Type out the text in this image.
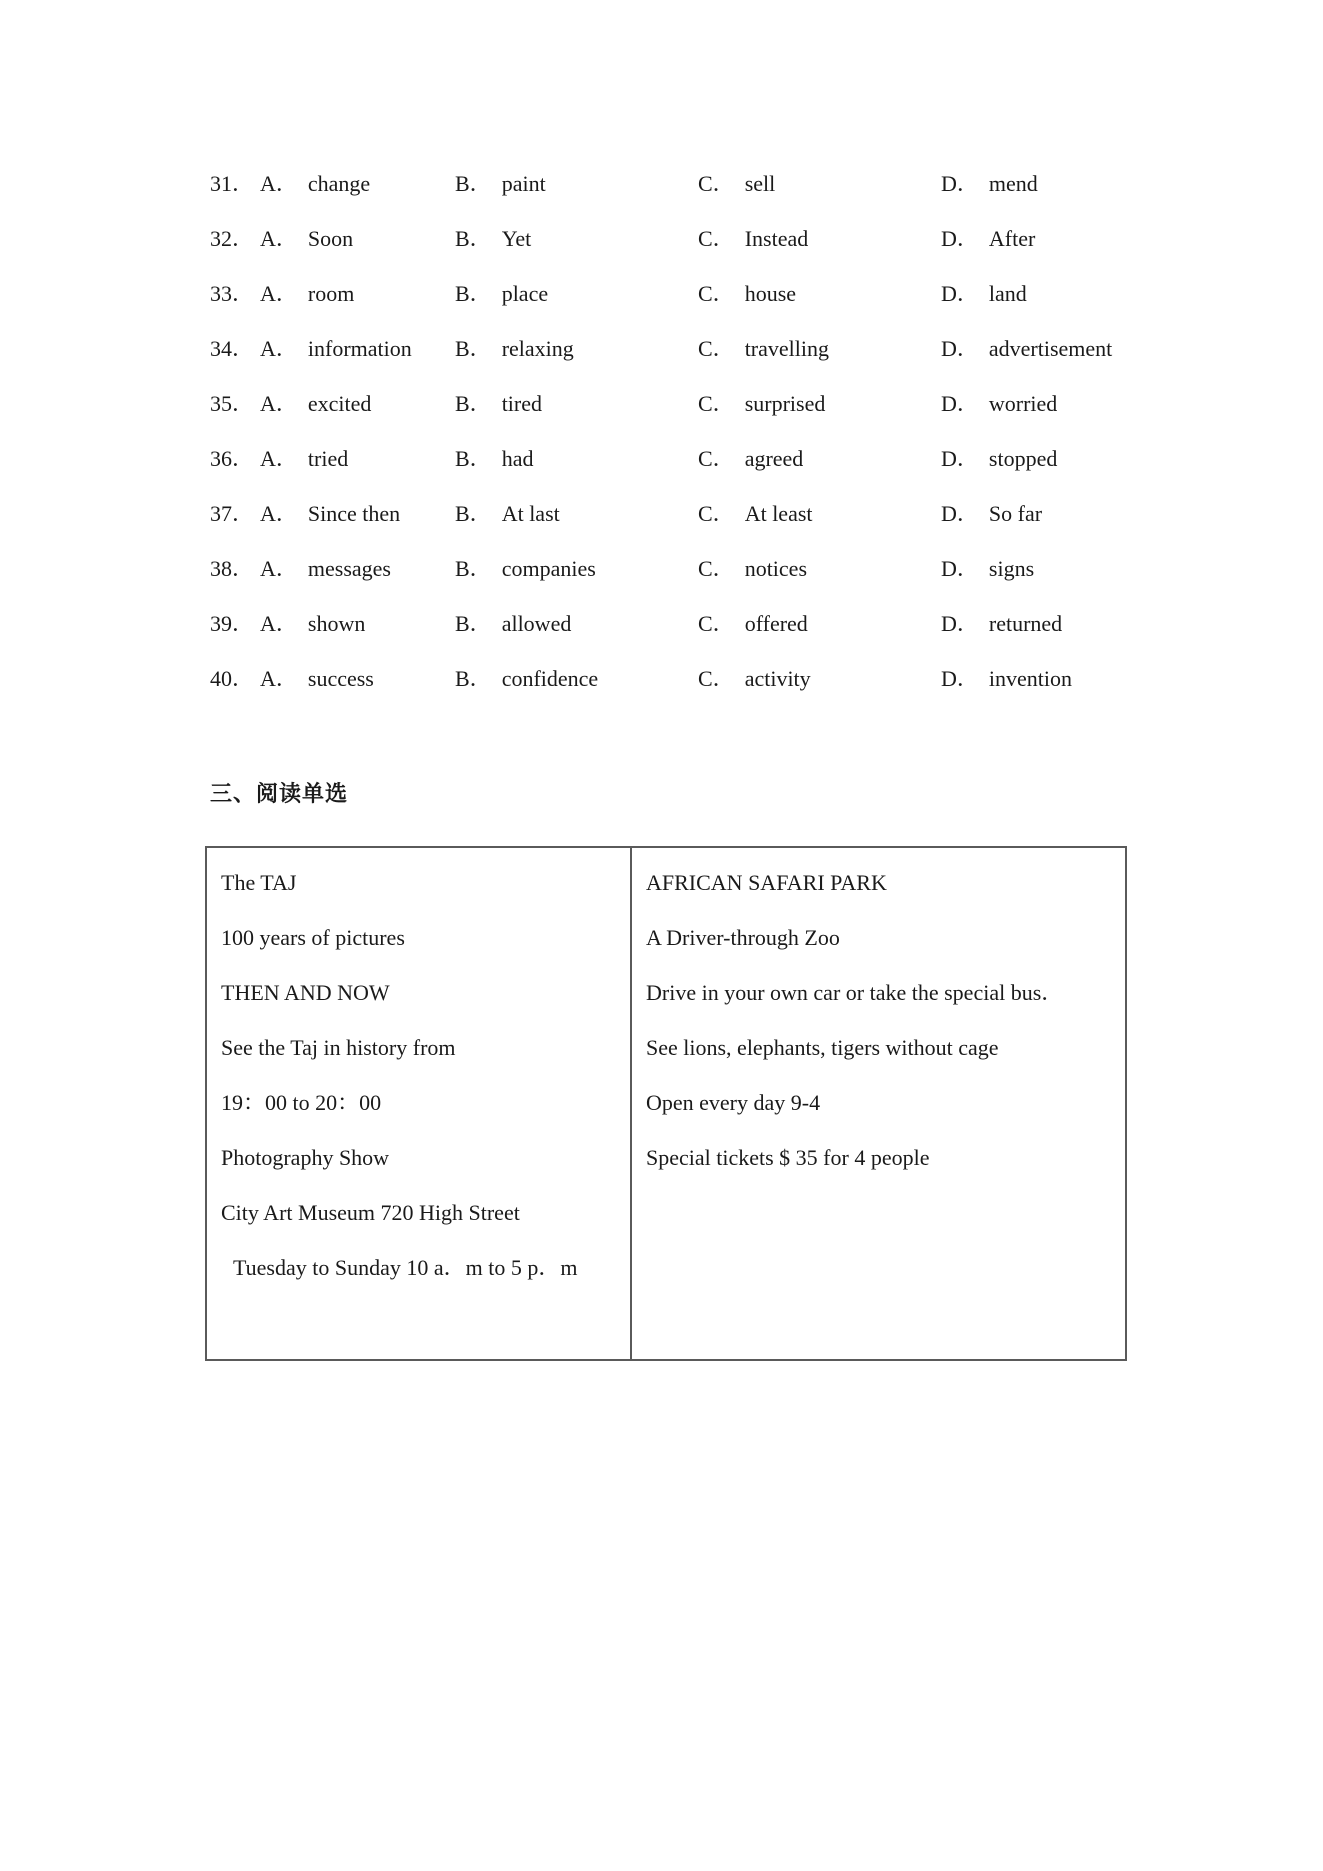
31． A． change	B． paint	C． sell	D． mend
32． A． Soon	B． Yet	C． Instead	D． After
33． A． room	B． place	C． house	D． land
34． A． information B． relaxing	C． travelling	D． advertisement
35． A． excited	B． tired	C． surprised	D． worried
36． A． tried	B． had	C． agreed	D． stopped
37． A． Since then B． At last	C． At least	D． So far
38． A． messages	B． companies	C． notices	D． signs
39． A． shown	B． allowed	C． offered	D． returned
40． A． success	B． confidence	C． activity	D． invention
三、阅读单选
The TAJ
100 years of pictures
THEN AND NOW
See the Taj in history from
19：00 to 20：00
Photography Show
City Art Museum 720 High Street
Tuesday to Sunday 10 a．m to 5 p．m
AFRICAN SAFARI PARK
A Driver-through Zoo
Drive in your own car or take the special bus．
See lions, elephants, tigers without cage
Open every day 9-4
Special tickets $ 35 for 4 people
